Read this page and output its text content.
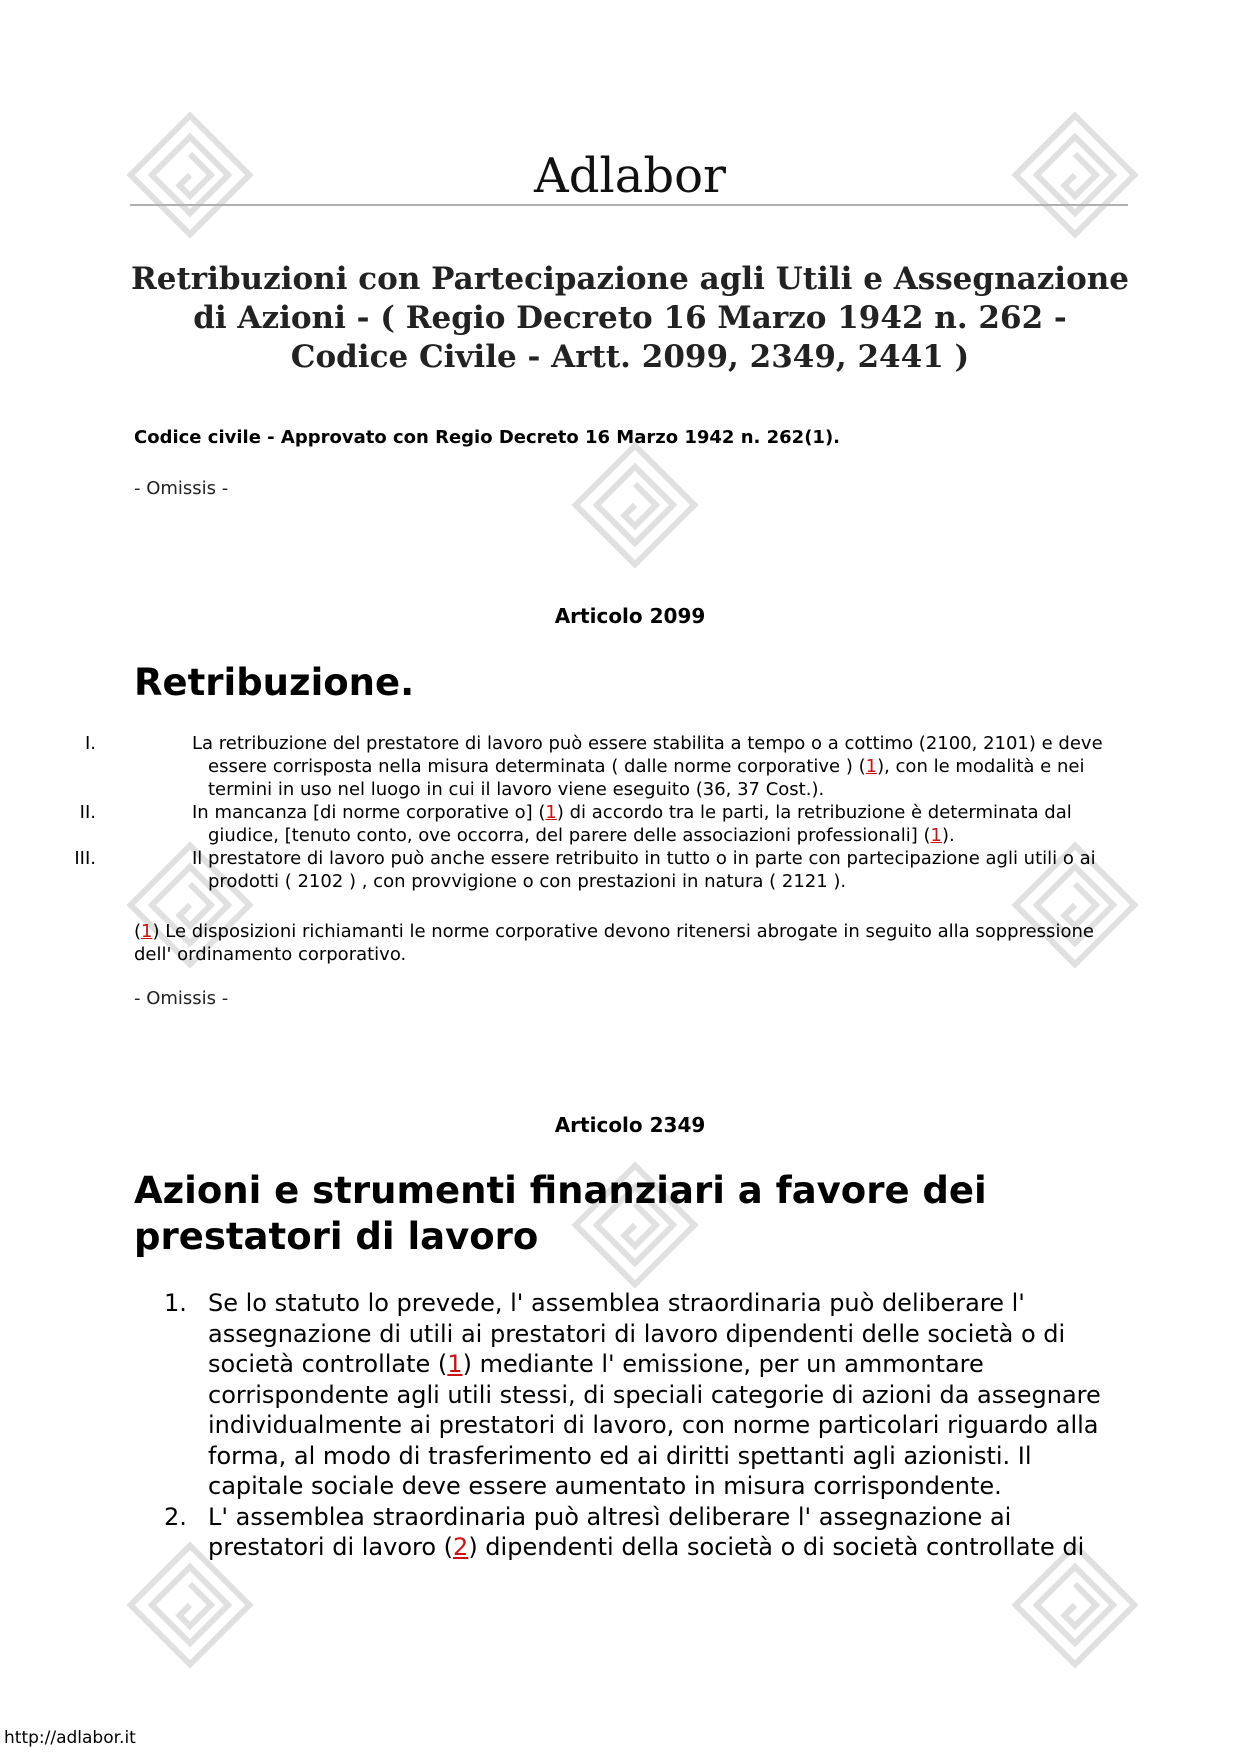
Adlabor
Retribuzioni con Partecipazione agli Utili e Assegnazione di Azioni - ( Regio Decreto 16 Marzo 1942 n. 262 - Codice Civile - Artt. 2099, 2349, 2441 )
Codice civile - Approvato con Regio Decreto 16 Marzo 1942 n. 262(1).
- Omissis -
Articolo 2099
Retribuzione.
I.	La retribuzione del prestatore di lavoro può essere stabilita a tempo o a cottimo (2100, 2101) e deve essere corrisposta nella misura determinata ( dalle norme corporative ) (1), con le modalità e nei termini in uso nel luogo in cui il lavoro viene eseguito (36, 37 Cost.).
II.	In mancanza [di norme corporative o] (1) di accordo tra le parti, la retribuzione è determinata dal giudice, [tenuto conto, ove occorra, del parere delle associazioni professionali] (1).
III.	Il prestatore di lavoro può anche essere retribuito in tutto o in parte con partecipazione agli utili o ai prodotti ( 2102 ) , con provvigione o con prestazioni in natura ( 2121 ).
(1) Le disposizioni richiamanti le norme corporative devono ritenersi abrogate in seguito alla soppressione dell' ordinamento corporativo.
- Omissis -
Articolo 2349
Azioni e strumenti finanziari a favore dei prestatori di lavoro
1. Se lo statuto lo prevede, l' assemblea straordinaria può deliberare l' assegnazione di utili ai prestatori di lavoro dipendenti delle società o di società controllate (1) mediante l' emissione, per un ammontare corrispondente agli utili stessi, di speciali categorie di azioni da assegnare individualmente ai prestatori di lavoro, con norme particolari riguardo alla forma, al modo di trasferimento ed ai diritti spettanti agli azionisti. Il capitale sociale deve essere aumentato in misura corrispondente.
2. L' assemblea straordinaria può altresì deliberare l' assegnazione ai prestatori di lavoro (2) dipendenti della società o di società controllate di
http://adlabor.it
